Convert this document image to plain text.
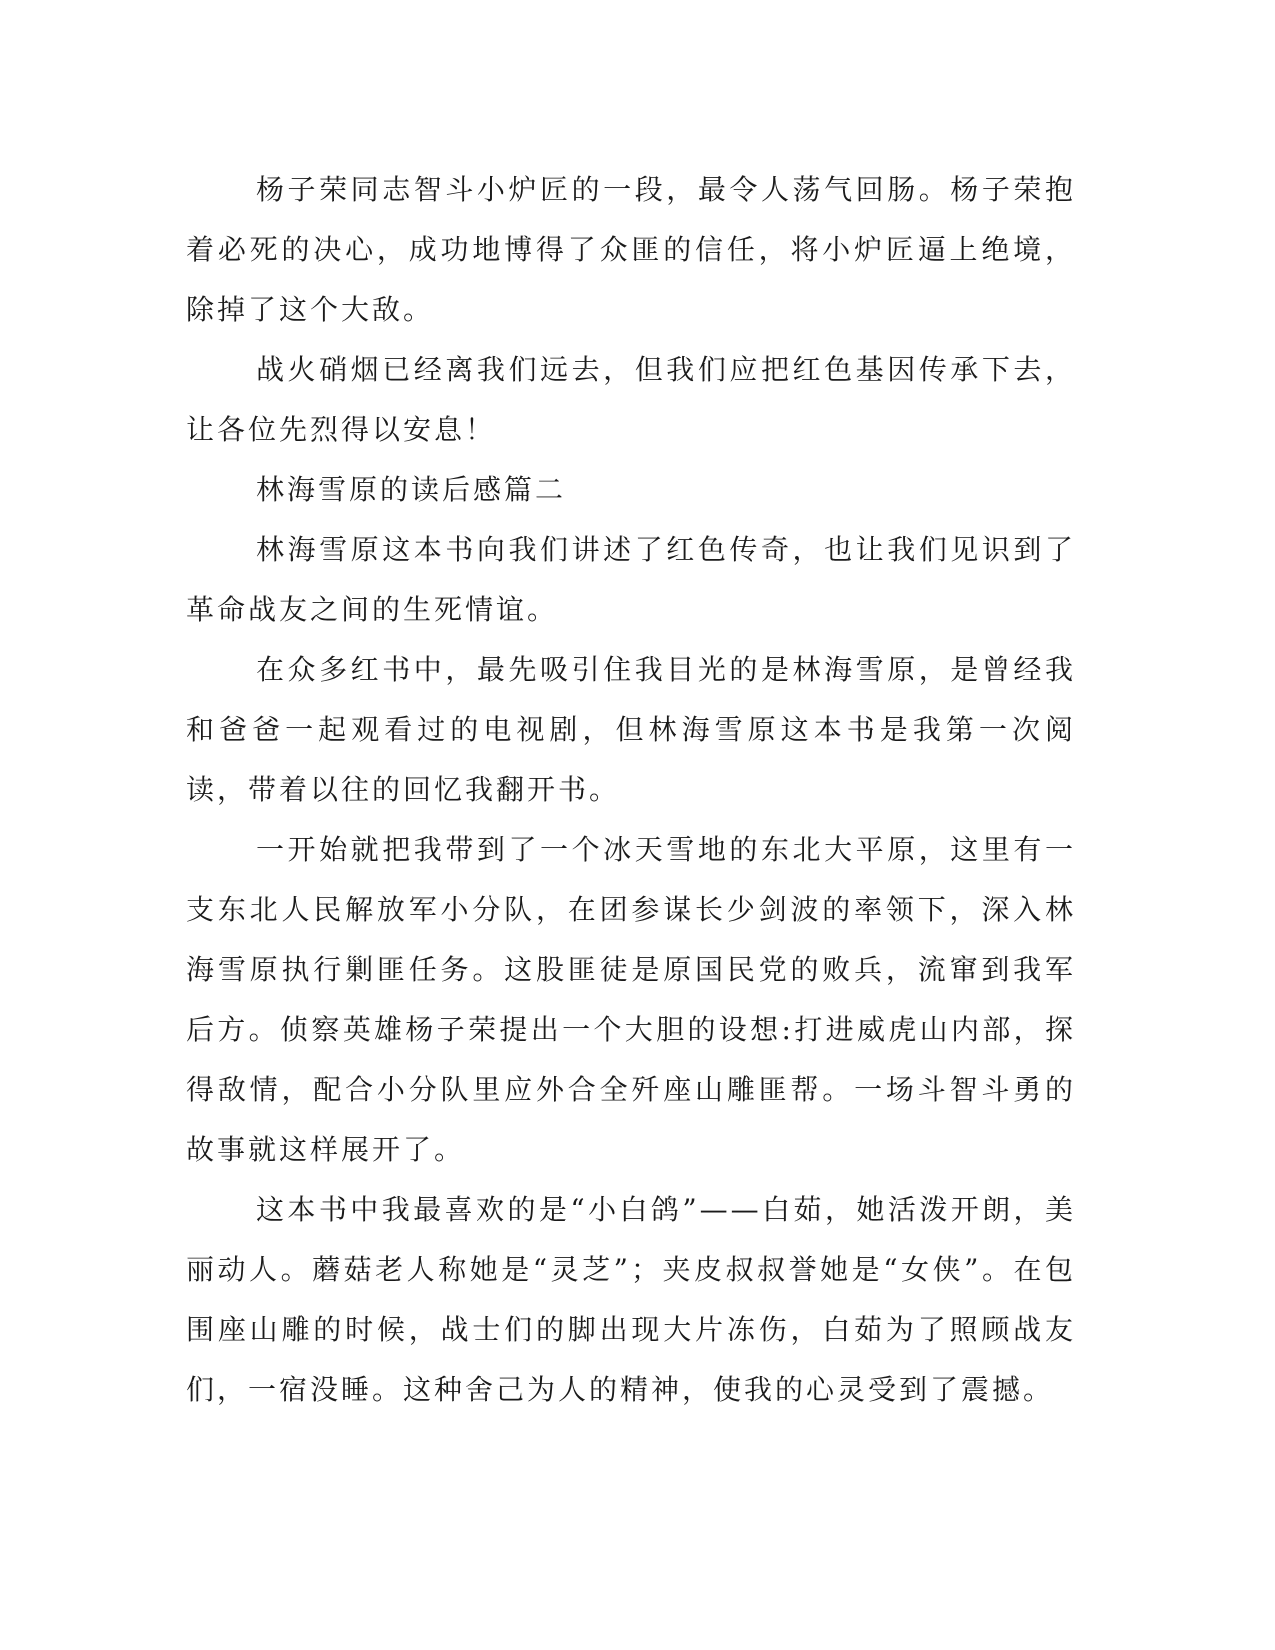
杨子荣同志智斗小炉匠的一段，最令人荡气回肠。杨子荣抱着必死的决心，成功地博得了众匪的信任，将小炉匠逼上绝境，除掉了这个大敌。

战火硝烟已经离我们远去，但我们应把红色基因传承下去，让各位先烈得以安息！

林海雪原的读后感篇二

林海雪原这本书向我们讲述了红色传奇，也让我们见识到了革命战友之间的生死情谊。

在众多红书中，最先吸引住我目光的是林海雪原，是曾经我和爸爸一起观看过的电视剧，但林海雪原这本书是我第一次阅读，带着以往的回忆我翻开书。

一开始就把我带到了一个冰天雪地的东北大平原，这里有一支东北人民解放军小分队，在团参谋长少剑波的率领下，深入林海雪原执行剿匪任务。这股匪徒是原国民党的败兵，流窜到我军后方。侦察英雄杨子荣提出一个大胆的设想:打进威虎山内部，探得敌情，配合小分队里应外合全歼座山雕匪帮。一场斗智斗勇的故事就这样展开了。

这本书中我最喜欢的是“小白鸽”——白茹，她活泼开朗，美丽动人。蘑菇老人称她是“灵芝”；夹皮叔叔誉她是“女侠”。在包围座山雕的时候，战士们的脚出现大片冻伤，白茹为了照顾战友们，一宿没睡。这种舍己为人的精神，使我的心灵受到了震撼。
